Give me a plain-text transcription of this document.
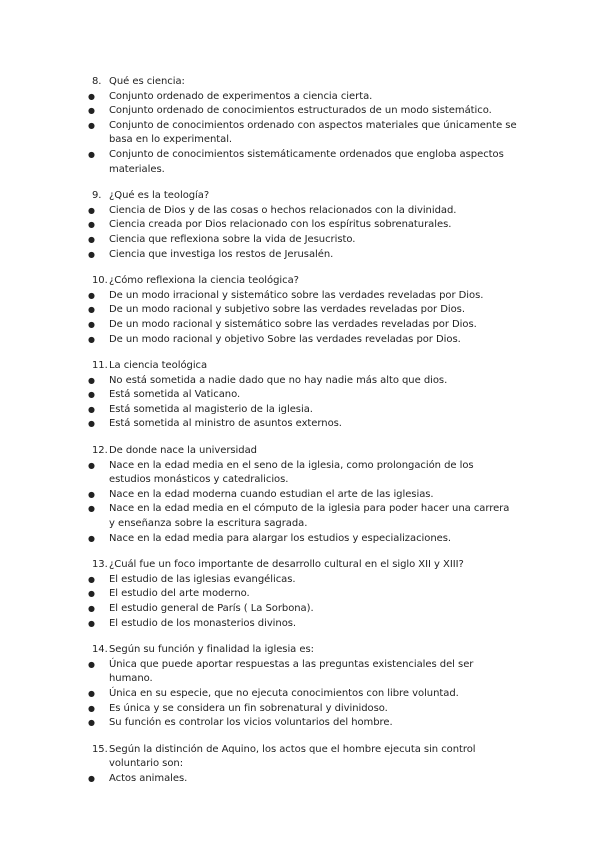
8. Qué es ciencia:
●	Conjunto ordenado de experimentos a ciencia cierta.
●	Conjunto ordenado de conocimientos estructurados de un modo sistemático.
●	Conjunto de conocimientos ordenado con aspectos materiales que únicamente se basa en lo experimental.
●	Conjunto de conocimientos sistemáticamente ordenados que engloba aspectos materiales.
9. ¿Qué es la teología?
●	Ciencia de Dios y de las cosas o hechos relacionados con la divinidad.
●	Ciencia creada por Dios relacionado con los espíritus sobrenaturales.
●	Ciencia que reflexiona sobre la vida de Jesucristo.
●	Ciencia que investiga los restos de Jerusalén.
10. ¿Cómo reflexiona la ciencia teológica?
●	De un modo irracional y sistemático sobre las verdades reveladas por Dios.
●	De un modo racional y subjetivo sobre las verdades reveladas por Dios.
●	De un modo racional y sistemático sobre las verdades reveladas por Dios.
●	De un modo racional y objetivo Sobre las verdades reveladas por Dios.
11. La ciencia teológica
●	No está sometida a nadie dado que no hay nadie más alto que dios.
●	Está sometida al Vaticano.
●	Está sometida al magisterio de la iglesia.
●	Está sometida al ministro de asuntos externos.
12. De donde nace la universidad
●	Nace en la edad media en el seno de la iglesia, como prolongación de los estudios monásticos y catedralicios.
●	Nace en la edad moderna cuando estudian el arte de las iglesias.
●	Nace en la edad media en el cómputo de la iglesia para poder hacer una carrera y enseñanza sobre la escritura sagrada.
●	Nace en la edad media para alargar los estudios y especializaciones.
13. ¿Cuál fue un foco importante de desarrollo cultural en el siglo XII y XIII?
●	El estudio de las iglesias evangélicas.
●	El estudio del arte moderno.
●	El estudio general de París ( La Sorbona).
●	El estudio de los monasterios divinos.
14. Según su función y finalidad la iglesia es:
●	Única que puede aportar respuestas a las preguntas existenciales del ser humano.
●	Única en su especie, que no ejecuta conocimientos con libre voluntad.
●	Es única y se considera un fin sobrenatural y divinidoso.
●	Su función es controlar los vicios voluntarios del hombre.
15. Según la distinción de Aquino, los actos que el hombre ejecuta sin control voluntario son:
●	Actos animales.
